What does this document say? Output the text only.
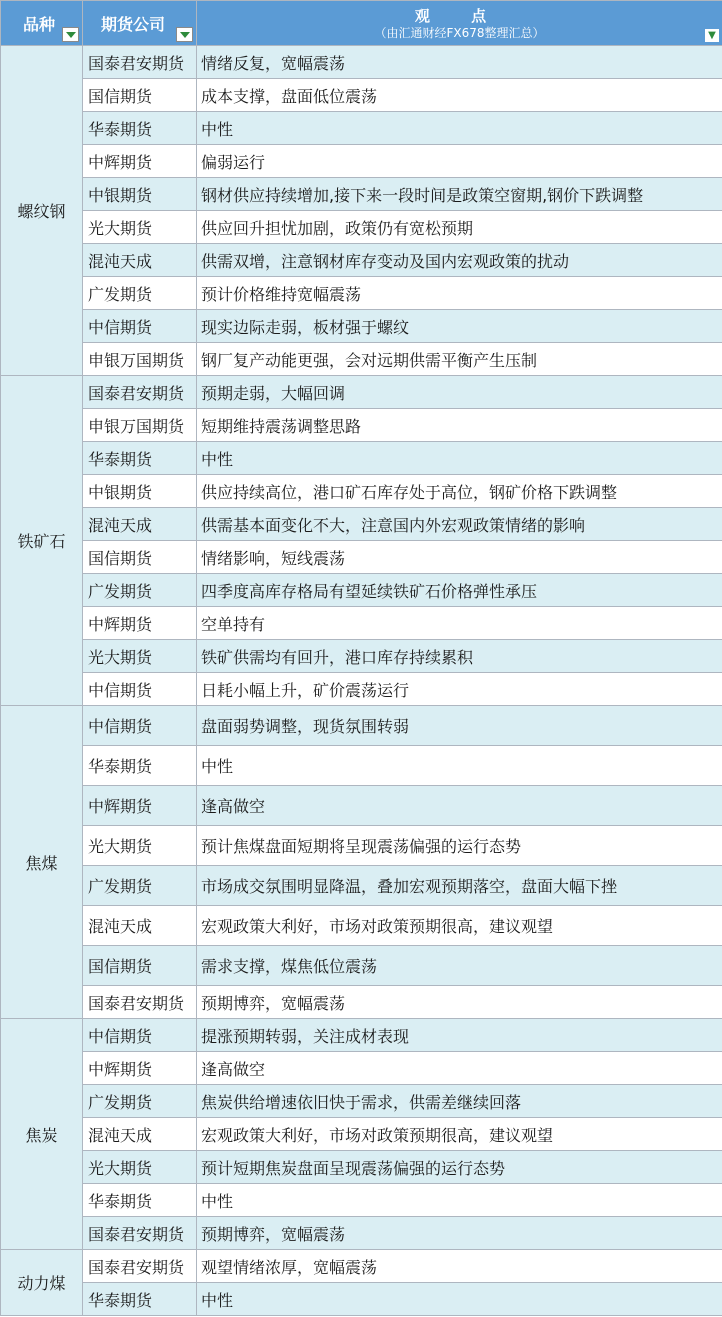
品种	期货公司	观 点
（由汇通财经FX678整理汇总） ▼

螺纹钢	国泰君安期货	情绪反复，宽幅震荡
	国信期货	成本支撑，盘面低位震荡
	华泰期货	中性
	中辉期货	偏弱运行
	中银期货	钢材供应持续增加,接下来一段时间是政策空窗期,钢价下跌调整
	光大期货	供应回升担忧加剧，政策仍有宽松预期
	混沌天成	供需双增，注意钢材库存变动及国内宏观政策的扰动
	广发期货	预计价格维持宽幅震荡
	中信期货	现实边际走弱，板材强于螺纹
	申银万国期货	钢厂复产动能更强，会对远期供需平衡产生压制
铁矿石	国泰君安期货	预期走弱，大幅回调
	申银万国期货	短期维持震荡调整思路
	华泰期货	中性
	中银期货	供应持续高位，港口矿石库存处于高位，钢矿价格下跌调整
	混沌天成	供需基本面变化不大，注意国内外宏观政策情绪的影响
	国信期货	情绪影响，短线震荡
	广发期货	四季度高库存格局有望延续铁矿石价格弹性承压
	中辉期货	空单持有
	光大期货	铁矿供需均有回升，港口库存持续累积
	中信期货	日耗小幅上升，矿价震荡运行
焦煤	中信期货	盘面弱势调整，现货氛围转弱
	华泰期货	中性
	中辉期货	逢高做空
	光大期货	预计焦煤盘面短期将呈现震荡偏强的运行态势
	广发期货	市场成交氛围明显降温，叠加宏观预期落空，盘面大幅下挫
	混沌天成	宏观政策大利好，市场对政策预期很高，建议观望
	国信期货	需求支撑，煤焦低位震荡
	国泰君安期货	预期博弈，宽幅震荡
焦炭	中信期货	提涨预期转弱，关注成材表现
	中辉期货	逢高做空
	广发期货	焦炭供给增速依旧快于需求，供需差继续回落
	混沌天成	宏观政策大利好，市场对政策预期很高，建议观望
	光大期货	预计短期焦炭盘面呈现震荡偏强的运行态势
	华泰期货	中性
	国泰君安期货	预期博弈，宽幅震荡
动力煤	国泰君安期货	观望情绪浓厚，宽幅震荡
	华泰期货	中性
